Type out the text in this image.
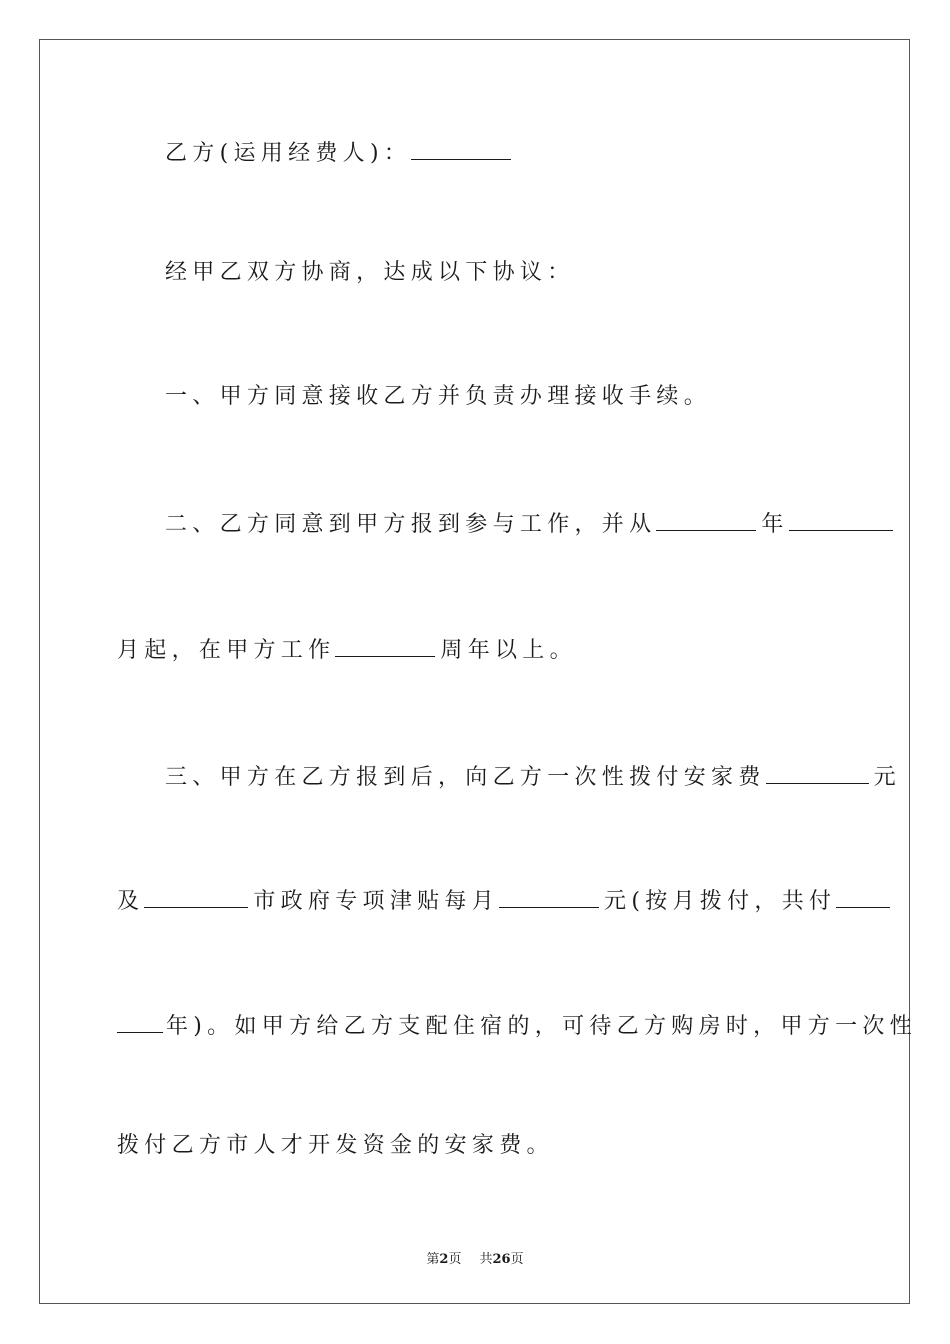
乙方(运用经费人)：
经甲乙双方协商，达成以下协议：
一、甲方同意接收乙方并负责办理接收手续。
二、乙方同意到甲方报到参与工作，并从	年
月起，在甲方工作	周年以上。
三、甲方在乙方报到后，向乙方一次性拨付安家费	元
及	市政府专项津贴每月	元(按月拨付，共付
年)。如甲方给乙方支配住宿的，可待乙方购房时，甲方一次性
拨付乙方市人才开发资金的安家费。
第2页 共26页
